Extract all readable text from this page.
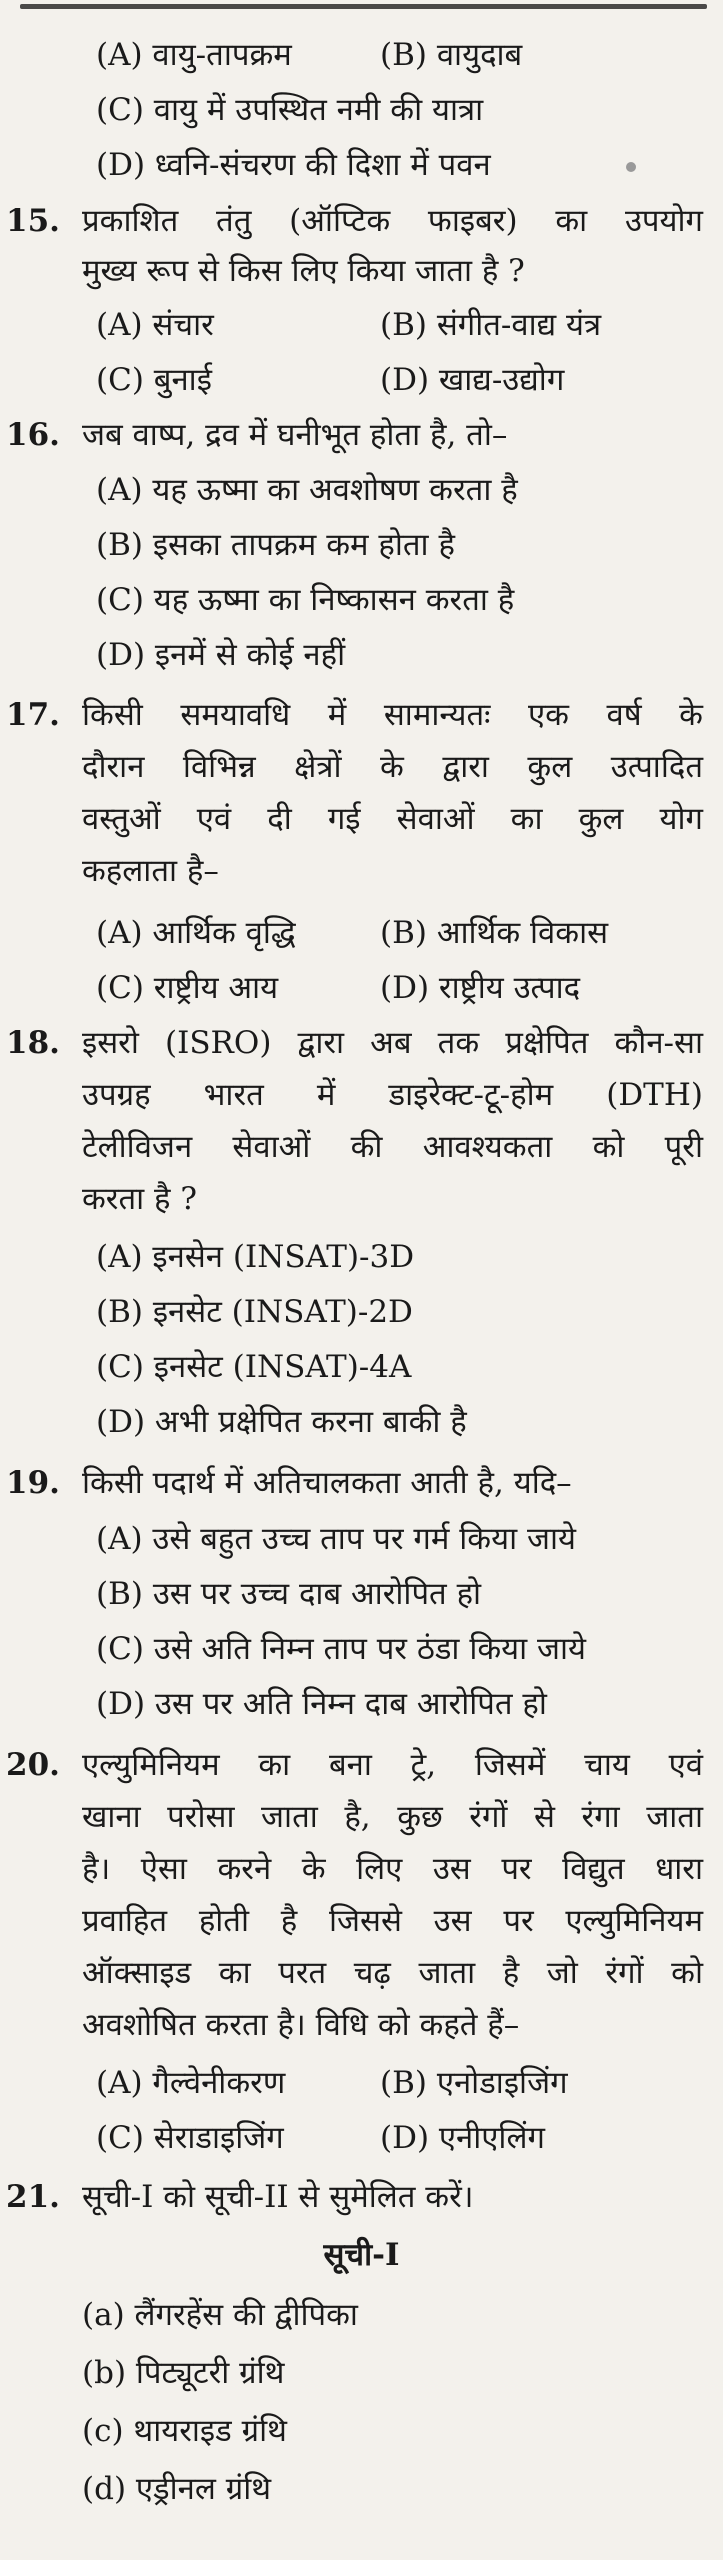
(A) वायु-तापक्रम	(B) वायुदाब
(C) वायु में उपस्थित नमी की यात्रा
(D) ध्वनि-संचरण की दिशा में पवन
15. प्रकाशित तंतु (ऑप्टिक फाइबर) का उपयोग
मुख्य रूप से किस लिए किया जाता है ?
(A) संचार	(B) संगीत-वाद्य यंत्र
(C) बुनाई	(D) खाद्य-उद्योग
16. जब वाष्प, द्रव में घनीभूत होता है, तो–
(A) यह ऊष्मा का अवशोषण करता है
(B) इसका तापक्रम कम होता है
(C) यह ऊष्मा का निष्कासन करता है
(D) इनमें से कोई नहीं
17. किसी समयावधि में सामान्यतः एक वर्ष के
दौरान विभिन्न क्षेत्रों के द्वारा कुल उत्पादित
वस्तुओं एवं दी गई सेवाओं का कुल योग
कहलाता है–
(A) आर्थिक वृद्धि	(B) आर्थिक विकास
(C) राष्ट्रीय आय	(D) राष्ट्रीय उत्पाद
18. इसरो (ISRO) द्वारा अब तक प्रक्षेपित कौन-सा
उपग्रह भारत में डाइरेक्ट-टू-होम (DTH)
टेलीविजन सेवाओं की आवश्यकता को पूरी
करता है ?
(A) इनसेन (INSAT)-3D
(B) इनसेट (INSAT)-2D
(C) इनसेट (INSAT)-4A
(D) अभी प्रक्षेपित करना बाकी है
19. किसी पदार्थ में अतिचालकता आती है, यदि–
(A) उसे बहुत उच्च ताप पर गर्म किया जाये
(B) उस पर उच्च दाब आरोपित हो
(C) उसे अति निम्न ताप पर ठंडा किया जाये
(D) उस पर अति निम्न दाब आरोपित हो
20. एल्युमिनियम का बना ट्रे, जिसमें चाय एवं
खाना परोसा जाता है, कुछ रंगों से रंगा जाता
है। ऐसा करने के लिए उस पर विद्युत धारा
प्रवाहित होती है जिससे उस पर एल्युमिनियम
ऑक्साइड का परत चढ़ जाता है जो रंगों को
अवशोषित करता है। विधि को कहते हैं–
(A) गैल्वेनीकरण	(B) एनोडाइजिंग
(C) सेराडाइजिंग	(D) एनीएलिंग
21. सूची-I को सूची-II से सुमेलित करें।
सूची-I
(a) लैंगरहेंस की द्वीपिका
(b) पिट्यूटरी ग्रंथि
(c) थायराइड ग्रंथि
(d) एड्रीनल ग्रंथि
